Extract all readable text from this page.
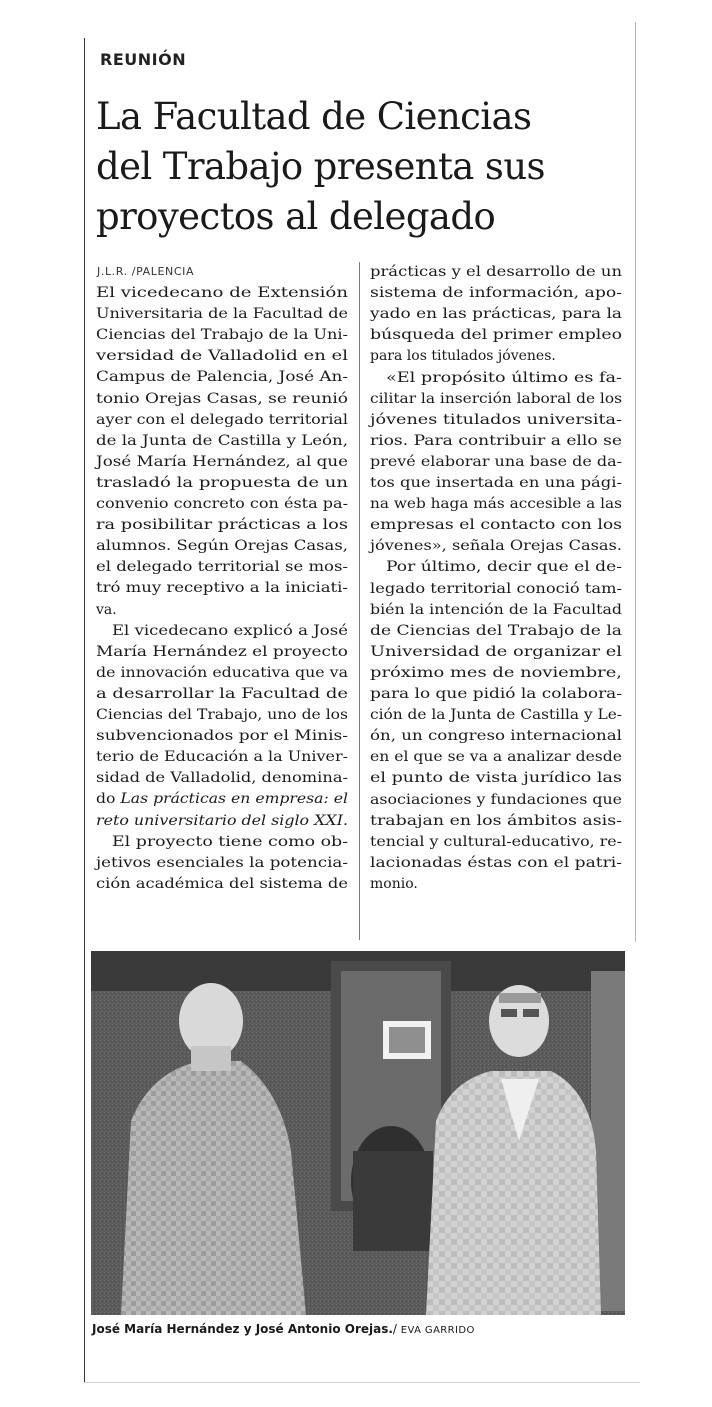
REUNIÓN
La Facultad de Ciencias
del Trabajo presenta sus
proyectos al delegado
J.L.R. /PALENCIA
El vicedecano de Extensión
Universitaria de la Facultad de
Ciencias del Trabajo de la Uni-
versidad de Valladolid en el
Campus de Palencia, José An-
tonio Orejas Casas, se reunió
ayer con el delegado territorial
de la Junta de Castilla y León,
José María Hernández, al que
trasladó la propuesta de un
convenio concreto con ésta pa-
ra posibilitar prácticas a los
alumnos. Según Orejas Casas,
el delegado territorial se mos-
tró muy receptivo a la iniciati-
va.
El vicedecano explicó a José
María Hernández el proyecto
de innovación educativa que va
a desarrollar la Facultad de
Ciencias del Trabajo, uno de los
subvencionados por el Minis-
terio de Educación a la Univer-
sidad de Valladolid, denomina-
do Las prácticas en empresa: el
reto universitario del siglo XXI.
El proyecto tiene como ob-
jetivos esenciales la potencia-
ción académica del sistema de
prácticas y el desarrollo de un
sistema de información, apo-
yado en las prácticas, para la
búsqueda del primer empleo
para los titulados jóvenes.
«El propósito último es fa-
cilitar la inserción laboral de los
jóvenes titulados universita-
rios. Para contribuir a ello se
prevé elaborar una base de da-
tos que insertada en una pági-
na web haga más accesible a las
empresas el contacto con los
jóvenes», señala Orejas Casas.
Por último, decir que el de-
legado territorial conoció tam-
bién la intención de la Facultad
de Ciencias del Trabajo de la
Universidad de organizar el
próximo mes de noviembre,
para lo que pidió la colabora-
ción de la Junta de Castilla y Le-
ón, un congreso internacional
en el que se va a analizar desde
el punto de vista jurídico las
asociaciones y fundaciones que
trabajan en los ámbitos asis-
tencial y cultural-educativo, re-
lacionadas éstas con el patri-
monio.
José María Hernández y José Antonio Orejas./ EVA GARRIDO
